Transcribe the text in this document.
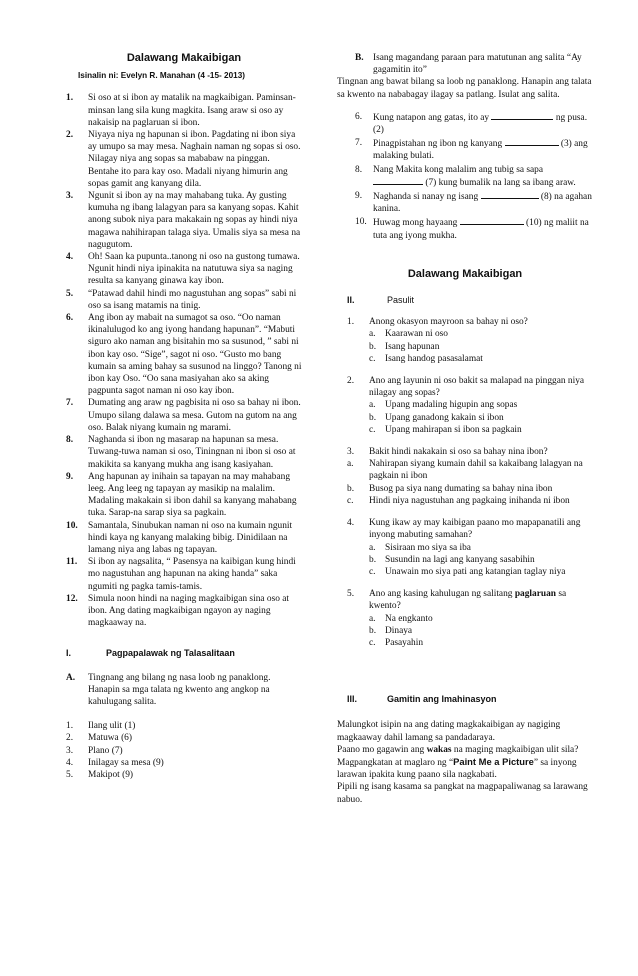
Dalawang Makaibigan
Isinalin ni: Evelyn R. Manahan (4 -15- 2013)
1.	Si oso at si ibon ay matalik na magkaibigan. Paminsan- minsan lang sila kung magkita. Isang araw si oso ay nakaisip na paglaruan si ibon.
2.	Niyaya niya ng hapunan si ibon. Pagdating ni ibon siya ay umupo sa may mesa. Naghain naman ng sopas si oso. Nilagay niya ang sopas sa mababaw na pinggan. Bentahe ito para kay oso. Madali niyang himurin ang sopas gamit ang kanyang dila.
3.	Ngunit si ibon ay na may mahabang tuka. Ay gusting kumuha ng ibang lalagyan para sa kanyang sopas. Kahit anong subok niya para makakain ng sopas ay hindi niya magawa nahihirapan talaga siya. Umalis siya sa mesa na nagugutom.
4.	Oh! Saan ka pupunta..tanong ni oso na gustong tumawa. Ngunit hindi niya ipinakita na natutuwa siya sa naging resulta sa kanyang ginawa kay ibon.
5.	“Patawad dahil hindi mo nagustuhan ang sopas” sabi ni oso sa isang matamis na tinig.
6.	Ang ibon ay mabait na sumagot sa oso. “Oo naman ikinalulugod ko ang iyong handang hapunan”. “Mabuti siguro ako naman ang bisitahin mo sa susunod, ” sabi ni ibon kay oso. “Sige”, sagot ni oso. “Gusto mo bang kumain sa aming bahay sa susunod na linggo? Tanong ni ibon kay Oso. “Oo sana masiyahan ako sa aking pagpunta sagot naman ni oso kay ibon.
7.	Dumating ang araw ng pagbisita ni oso sa bahay ni ibon. Umupo silang dalawa sa mesa. Gutom na gutom na ang oso. Balak niyang kumain ng marami.
8.	Naghanda si ibon ng masarap na hapunan sa mesa. Tuwang-tuwa naman si oso, Tiningnan ni ibon si oso at makikita sa kanyang mukha ang isang kasiyahan.
9.	Ang hapunan ay inihain sa tapayan na may mahabang leeg. Ang leeg ng tapayan ay masikip na malalim. Madaling makakain si ibon dahil sa kanyang mahabang tuka. Sarap-na sarap siya sa pagkain.
10.	Samantala, Sinubukan naman ni oso na kumain ngunit hindi kaya ng kanyang malaking bibig. Dinidilaan na lamang niya ang labas ng tapayan.
11.	Si ibon ay nagsalita, “ Pasensya na kaibigan kung hindi mo nagustuhan ang hapunan na aking handa” saka ngumiti ng pagka tamis-tamis.
12.	Simula noon hindi na naging magkaibigan sina oso at ibon. Ang dating magkaibigan ngayon ay naging magkaaway na.
I.	Pagpapalawak ng Talasalitaan
A.	Tingnang ang bilang ng nasa loob ng panaklong. Hanapin sa mga talata ng kwento ang angkop na kahulugang salita.
1.	Ilang ulit (1)
2.	Matuwa (6)
3.	Plano (7)
4.	Inilagay sa mesa (9)
5.	Makipot (9)
B. Isang magandang paraan para matutunan ang salita “Ay gagamitin ito”
Tingnan ang bawat bilang sa loob ng panaklong. Hanapin ang talata sa kwento na nababagay ilagay sa patlang. Isulat ang salita.
6.	Kung natapon ang gatas, ito ay	ng pusa. (2)
7.	Pinagpistahan ng ibon ng kanyang	(3) ang malaking bulati.
8.	Nang Makita kong malalim ang tubig sa sapa  (7) kung bumalik na lang sa ibang araw.
9.	Naghanda si nanay ng isang	(8) na agahan kanina.
10. Huwag mong hayaang	(10) ng maliit na tuta ang iyong mukha.
Dalawang Makaibigan
II.	Pasulit
1.	Anong okasyon mayroon sa bahay ni oso?
a.	Kaarawan ni oso
b. Isang hapunan
c.	Isang handog pasasalamat
2.	Ano ang layunin ni oso bakit sa malapad na pinggan niya nilagay ang sopas?
a.	Upang madaling higupin ang sopas
b. Upang ganadong kakain si ibon
c.	Upang mahirapan si ibon sa pagkain
3.	Bakit hindi nakakain si oso sa bahay nina ibon?
a.	Nahirapan siyang kumain dahil sa kakaibang lalagyan na pagkain ni ibon
b.	Busog pa siya nang dumating sa bahay nina ibon
c.	Hindi niya nagustuhan ang pagkaing inihanda ni ibon
4.	Kung ikaw ay may kaibigan paano mo mapapanatili ang inyong mabuting samahan?
a.	Sisiraan mo siya sa iba
b. Susundin na lagi ang kanyang sasabihin
c.	Unawain mo siya pati ang katangian taglay niya
5.	Ano ang kasing kahulugan ng salitang paglaruan sa kwento?
a.	Na engkanto
b. Dinaya
c.	Pasayahin
III.	Gamitin ang Imahinasyon
Malungkot isipin na ang dating magkakaibigan ay nagiging magkaaway dahil lamang sa pandadaraya.
Paano mo gagawin ang wakas na maging magkaibigan ulit sila?
Magpangkatan at maglaro ng “Paint Me a Picture” sa inyong larawan ipakita kung paano sila nagkabati.
Pipili ng isang kasama sa pangkat na magpapaliwanag sa larawang nabuo.
